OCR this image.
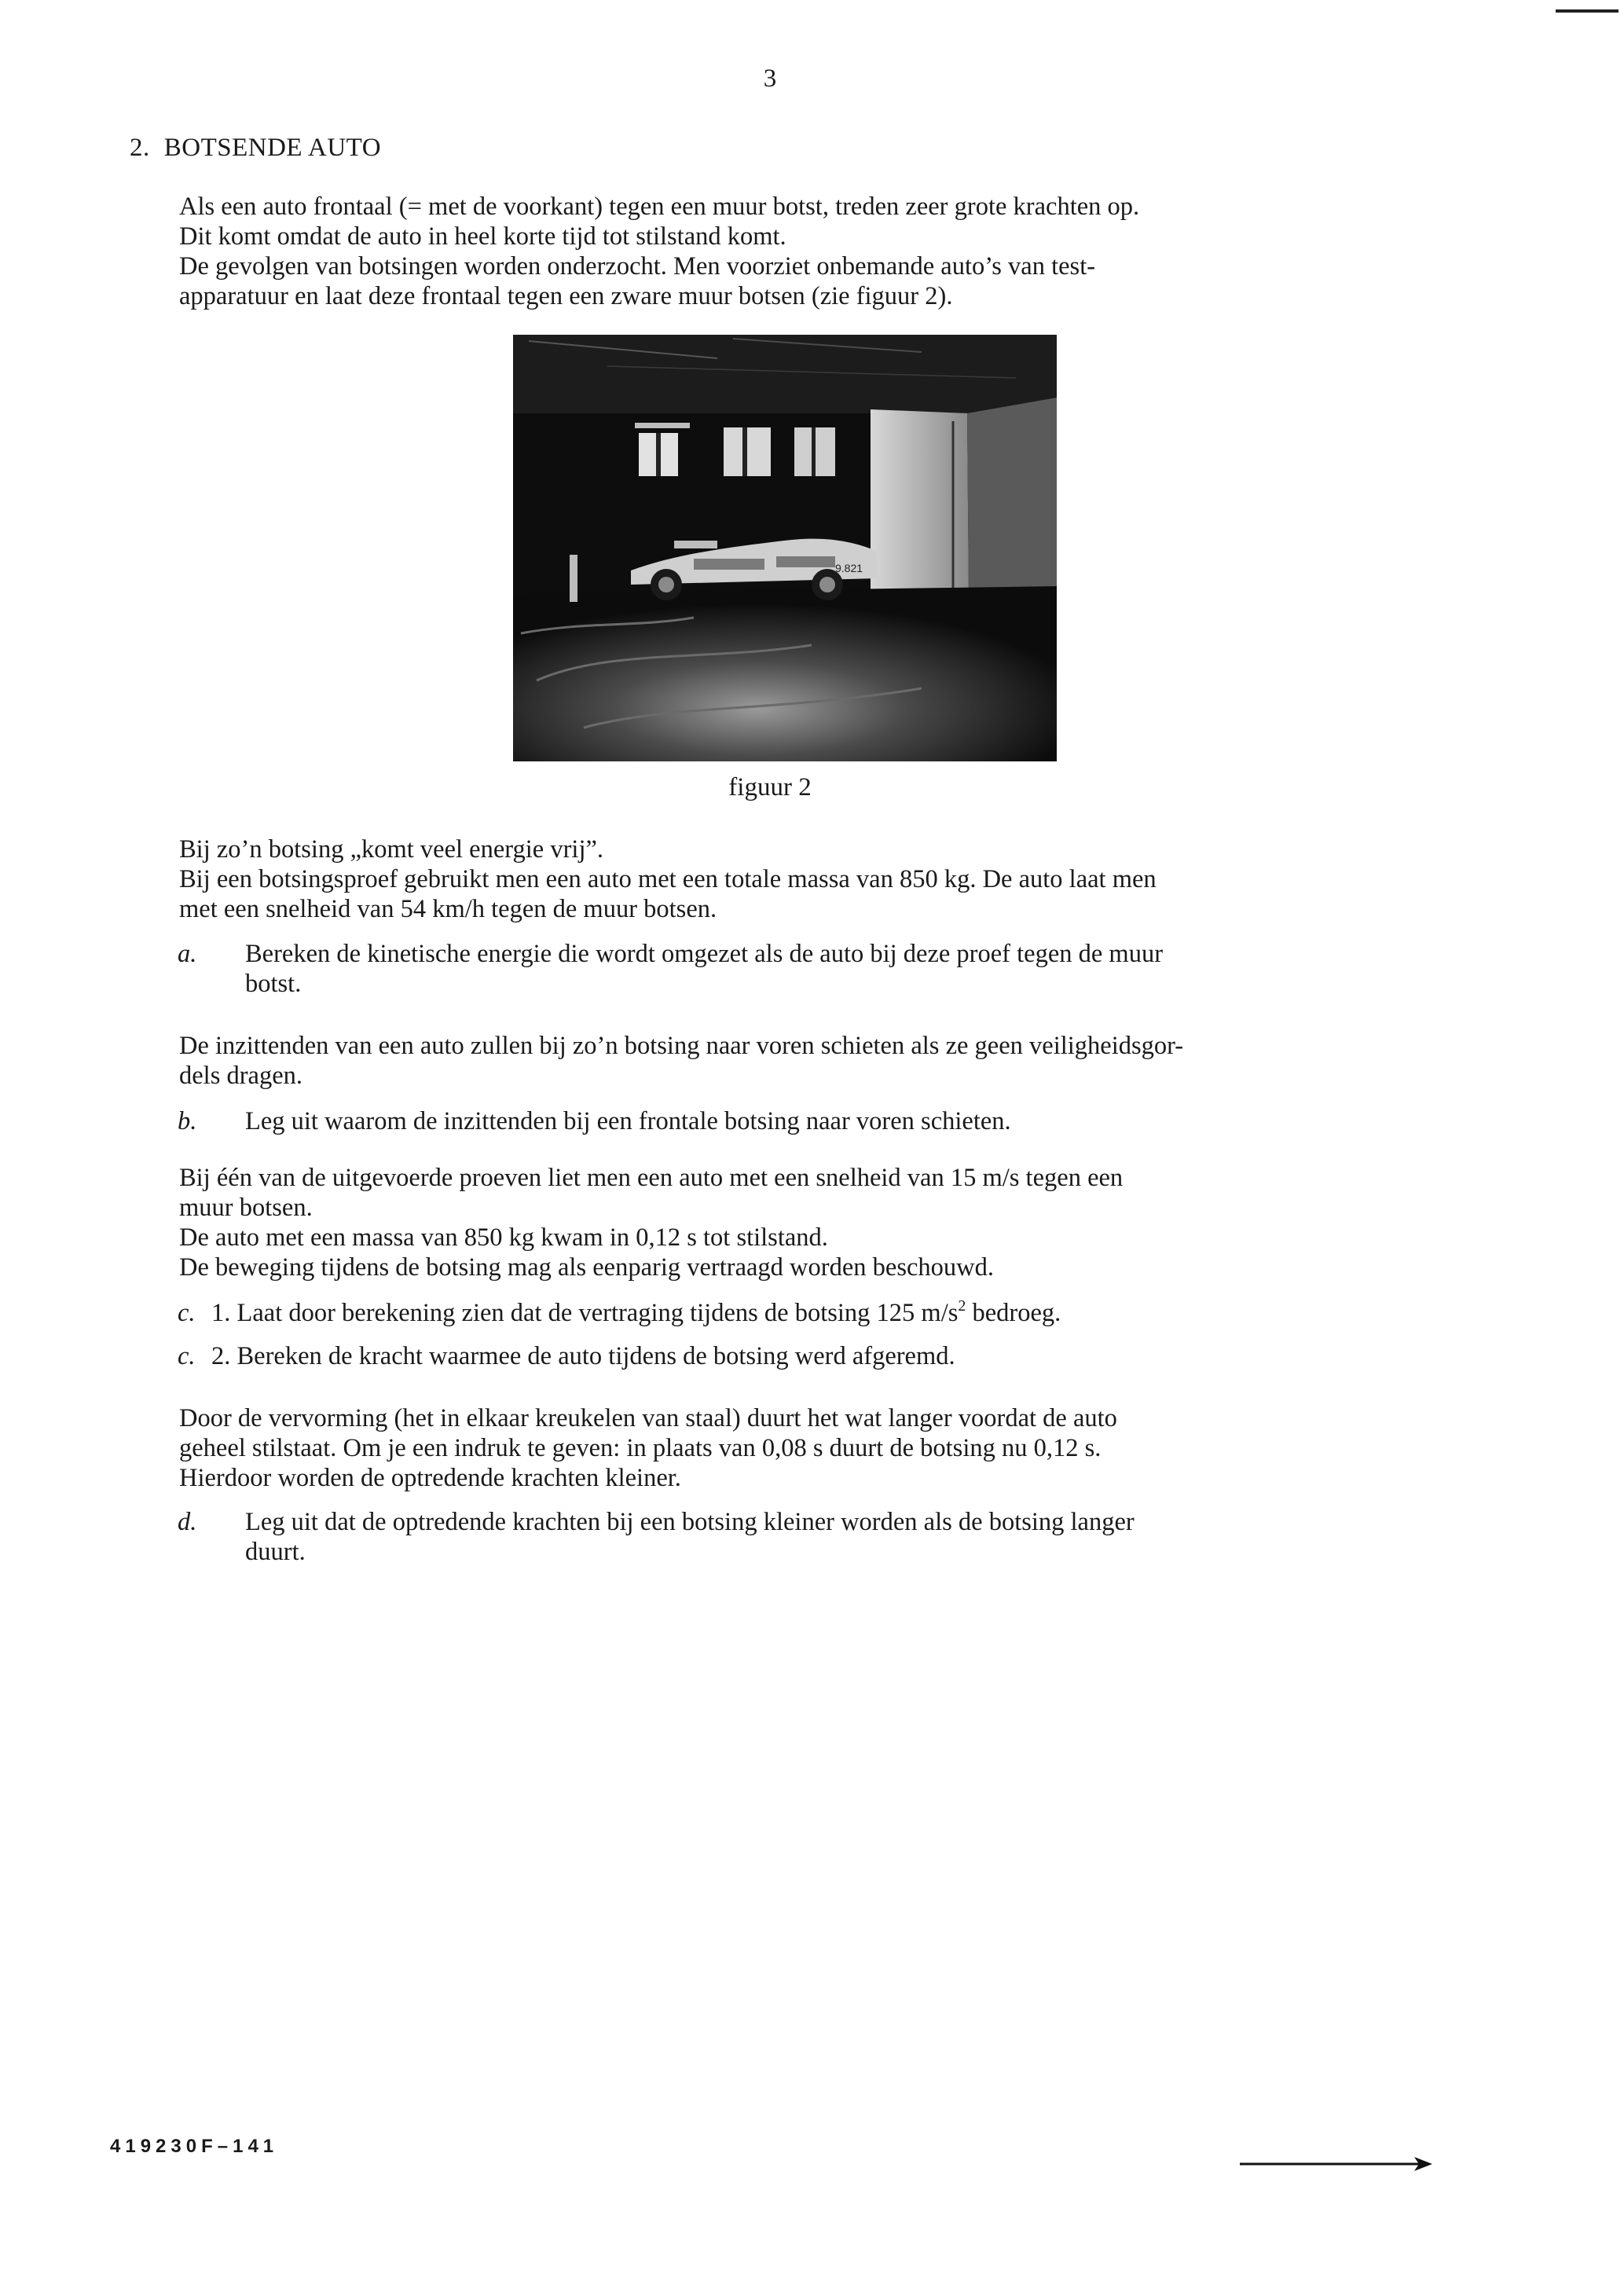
3
2. BOTSENDE AUTO
Als een auto frontaal (= met de voorkant) tegen een muur botst, treden zeer grote krachten op.
Dit komt omdat de auto in heel korte tijd tot stilstand komt.
De gevolgen van botsingen worden onderzocht. Men voorziet onbemande auto’s van test-
apparatuur en laat deze frontaal tegen een zware muur botsen (zie figuur 2).
9.821
figuur 2
Bij zo’n botsing „komt veel energie vrij”.
Bij een botsingsproef gebruikt men een auto met een totale massa van 850 kg. De auto laat men
met een snelheid van 54 km/h tegen de muur botsen.
a. Bereken de kinetische energie die wordt omgezet als de auto bij deze proef tegen de muur
botst.
De inzittenden van een auto zullen bij zo’n botsing naar voren schieten als ze geen veiligheidsgor-
dels dragen.
b. Leg uit waarom de inzittenden bij een frontale botsing naar voren schieten.
Bij één van de uitgevoerde proeven liet men een auto met een snelheid van 15 m/s tegen een
muur botsen.
De auto met een massa van 850 kg kwam in 0,12 s tot stilstand.
De beweging tijdens de botsing mag als eenparig vertraagd worden beschouwd.
c. 1. Laat door berekening zien dat de vertraging tijdens de botsing 125 $m/s^2$ bedroeg.
c. 2. Bereken de kracht waarmee de auto tijdens de botsing werd afgeremd.
Door de vervorming (het in elkaar kreukelen van staal) duurt het wat langer voordat de auto
geheel stilstaat. Om je een indruk te geven: in plaats van 0,08 s duurt de botsing nu 0,12 s.
Hierdoor worden de optredende krachten kleiner.
d. Leg uit dat de optredende krachten bij een botsing kleiner worden als de botsing langer
duurt.
419230F–141
